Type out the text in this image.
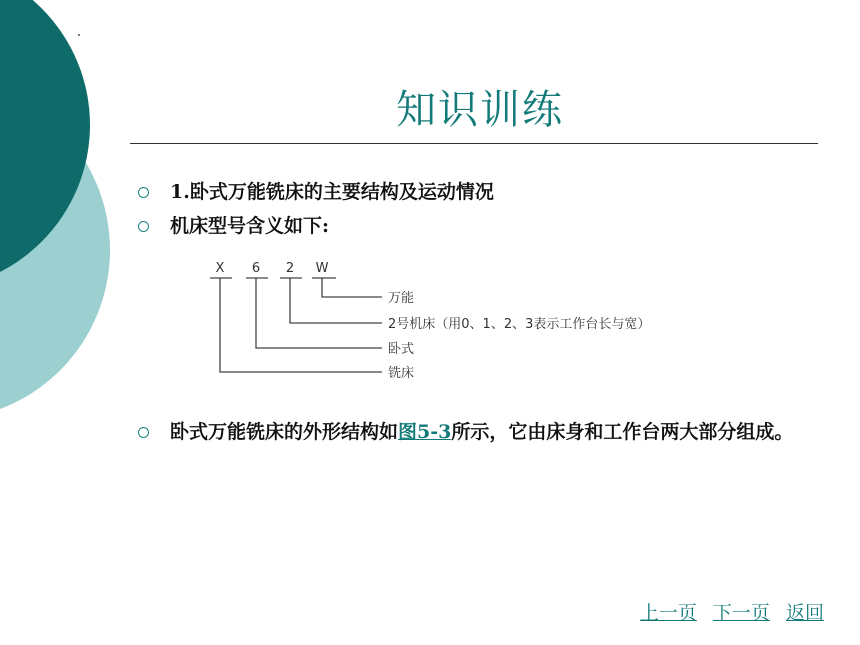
知识训练
1.卧式万能铣床的主要结构及运动情况
机床型号含义如下:
X 6 2 W
万能
2号机床（用0、1、2、3表示工作台长与宽）
卧式
铣床
卧式万能铣床的外形结构如图5-3所示，它由床身和工作台两大部分组成。
上一页 下一页 返回
